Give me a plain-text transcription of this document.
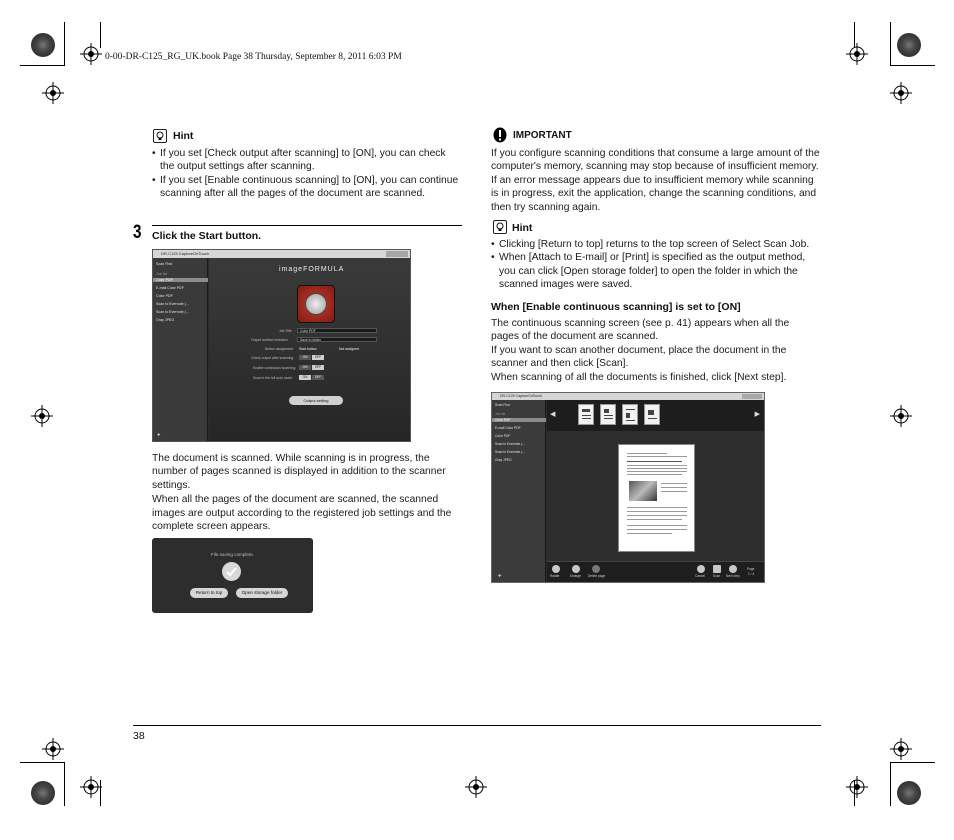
0-00-DR-C125_RG_UK.book Page 38 Thursday, September 8, 2011 6:03 PM
Hint
• If you set [Check output after scanning] to [ON], you can check the output settings after scanning.
• If you set [Enable continuous scanning] to [ON], you can continue scanning after all the pages of the document are scanned.
3 Click the Start button.
DR-C125 CaptureOnTouch
Scan First
Job list
Color PDF
E-mail Color PDF
Color PDF
Scan to Evernote (...
Scan to Evernote (...
Gray JPEG
✚
imageFORMULA
Job Title	Color PDF
Output method selection	Save to folder
Button assignment Start button	Not assigned
Check output after scanning	ON	OFF
Enable continuous scanning	ON	OFF
Scan in the full auto mode	ON	OFF
Output setting

The document is scanned. While scanning is in progress, the number of pages scanned is displayed in addition to the scanner settings.

When all the pages of the document are scanned, the scanned images are output according to the registered job settings and the complete screen appears.

File saving complete.
Return to top	Open storage folder
IMPORTANT

If you configure scanning conditions that consume a large amount of the computer's memory, scanning may stop because of insufficient memory. If an error message appears due to insufficient memory while scanning is in progress, exit the application, change the scanning conditions, and then try scanning again.

Hint
• Clicking [Return to top] returns to the top screen of Select Scan Job.
• When [Attach to E-mail] or [Print] is specified as the output method, you can click [Open storage folder] to open the folder in which the scanned images were saved.
When [Enable continuous scanning] is set to [ON]

The continuous scanning screen (see p. 41) appears when all the pages of the document are scanned.

If you want to scan another document, place the document in the scanner and then click [Scan].

When scanning of all the documents is finished, click [Next step].

DR-C125 CaptureOnTouch
Scan First
Job list
Color PDF
E-mail Color PDF
Color PDF
Scan to Evernote (...
Scan to Evernote (...
Gray JPEG
✚
◀	▶
Rotate	Enlarge Delete page	Cancel	Scan Next step
Page
1 / 4
38
